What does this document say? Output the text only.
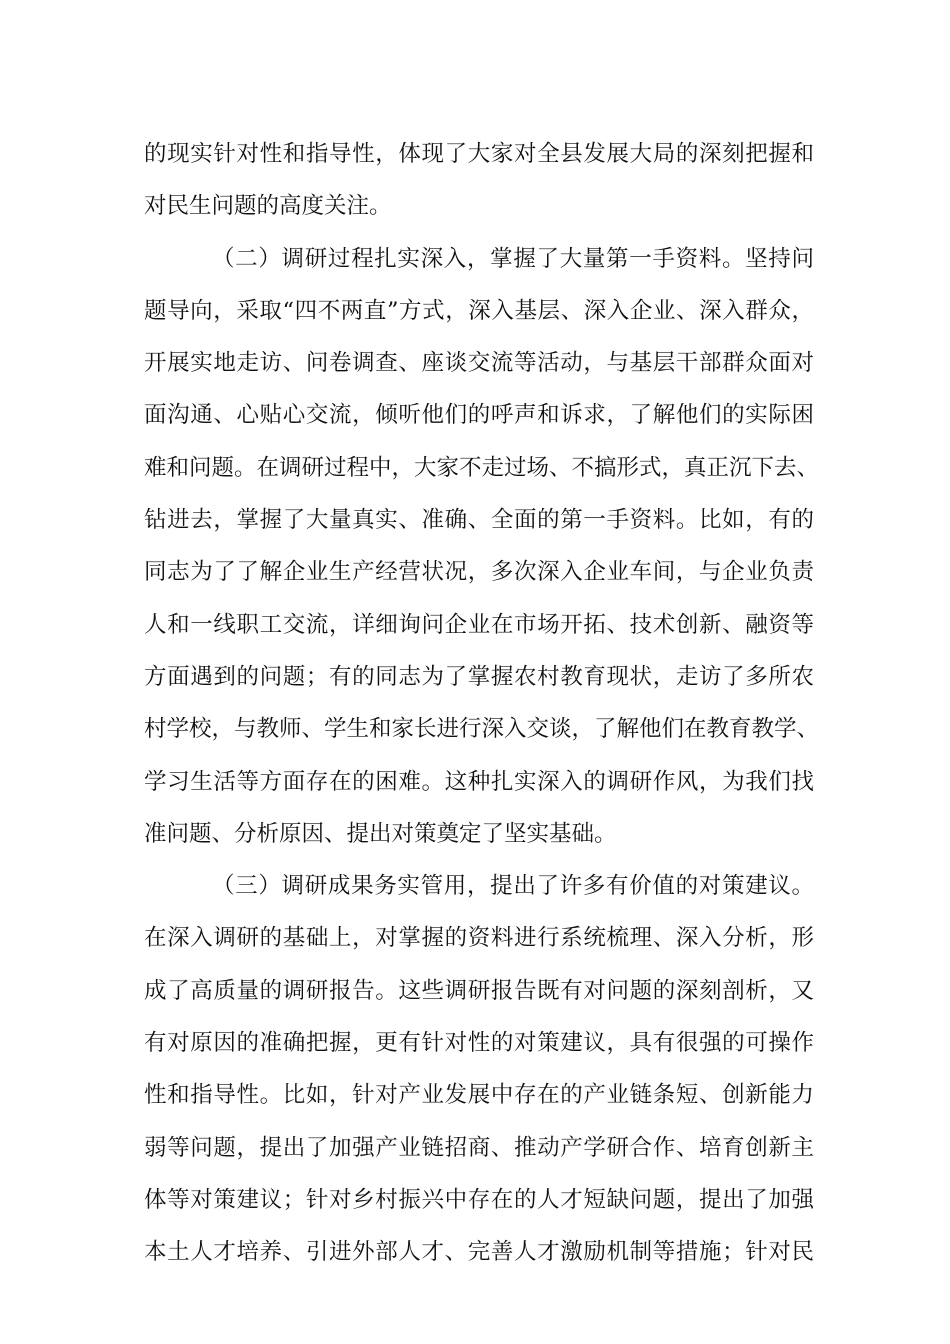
的现实针对性和指导性，体现了大家对全县发展大局的深刻把握和
对民生问题的高度关注。
（二）调研过程扎实深入，掌握了大量第一手资料。坚持问
题导向，采取“四不两直”方式，深入基层、深入企业、深入群众，
开展实地走访、问卷调查、座谈交流等活动，与基层干部群众面对
面沟通、心贴心交流，倾听他们的呼声和诉求，了解他们的实际困
难和问题。在调研过程中，大家不走过场、不搞形式，真正沉下去、
钻进去，掌握了大量真实、准确、全面的第一手资料。比如，有的
同志为了了解企业生产经营状况，多次深入企业车间，与企业负责
人和一线职工交流，详细询问企业在市场开拓、技术创新、融资等
方面遇到的问题；有的同志为了掌握农村教育现状，走访了多所农
村学校，与教师、学生和家长进行深入交谈，了解他们在教育教学、
学习生活等方面存在的困难。这种扎实深入的调研作风，为我们找
准问题、分析原因、提出对策奠定了坚实基础。
（三）调研成果务实管用，提出了许多有价值的对策建议。
在深入调研的基础上，对掌握的资料进行系统梳理、深入分析，形
成了高质量的调研报告。这些调研报告既有对问题的深刻剖析，又
有对原因的准确把握，更有针对性的对策建议，具有很强的可操作
性和指导性。比如，针对产业发展中存在的产业链条短、创新能力
弱等问题，提出了加强产业链招商、推动产学研合作、培育创新主
体等对策建议；针对乡村振兴中存在的人才短缺问题，提出了加强
本土人才培养、引进外部人才、完善人才激励机制等措施；针对民
